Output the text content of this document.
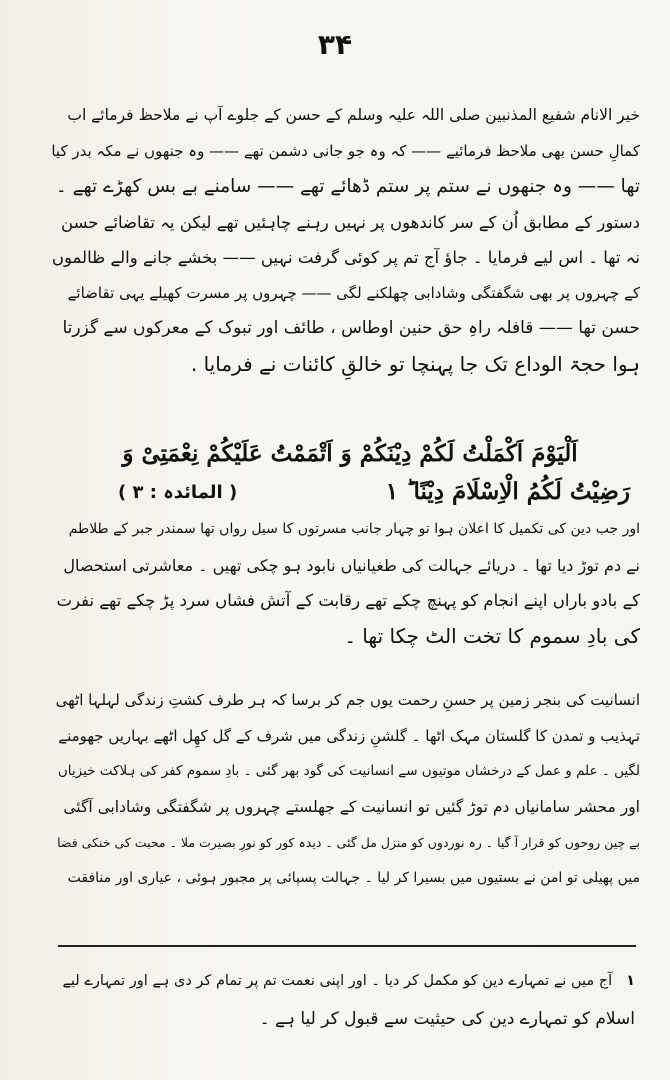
۳۴
خیر الانام شفیع المذنبین صلی اللہ علیہ وسلم کے حسن کے جلوے آپ نے ملاحظ فرمائے اب
کمالِ حسن بھی ملاحظ فرمائیے —— کہ وہ جو جانی دشمن تھے —— وہ جنھوں نے مکہ بدر کیا
تھا —— وہ جنھوں نے ستم پر ستم ڈھائے تھے —— سامنے بے بس کھڑے تھے ۔
دستور کے مطابق اُن کے سر کاندھوں پر نہیں رہنے چاہئیں تھے لیکن یہ تقاضائے حسن
نہ تھا ۔ اس لیے فرمایا ۔ جاؤ آج تم پر کوئی گرفت نہیں —— بخشے جانے والے ظالموں
کے چہروں پر بھی شگفتگی وشادابی چھلکنے لگی —— چہروں پر مسرت کھیلے یہی تقاضائے
حسن تھا —— قافلہ راہِ حق حنین اوطاس ، طائف اور تبوک کے معرکوں سے گزرتا
ہوا حجۃ الوداع تک جا پہنچا تو خالقِ کائنات نے فرمایا .
اَلْیَوْمَ اَکْمَلْتُ لَکُمْ دِیْنَکُمْ وَ اَتْمَمْتُ عَلَیْکُمْ نِعْمَتِیْ وَ
رَضِیْتُ لَکُمُ الْاِسْلَامَ دِیْنًا ؕ ۱
( المائدہ : ۳ )
اور جب دین کی تکمیل کا اعلان ہوا تو چہار جانب مسرتوں کا سیل رواں تھا سمندر جبر کے طلاطم
نے دم توڑ دیا تھا ۔ دریائے جہالت کی طغیانیاں نابود ہو چکی تھیں ۔ معاشرتی استحصال
کے بادو باراں اپنے انجام کو پہنچ چکے تھے رقابت کے آتش فشاں سرد پڑ چکے تھے نفرت
کی بادِ سموم کا تخت الٹ چکا تھا ۔
انسانیت کی بنجر زمین پر حسنِ رحمت یوں جم کر برسا کہ ہر طرف کشتِ زندگی لہلہا اٹھی
تہذیب و تمدن کا گلستان مہک اٹھا ۔ گلشنِ زندگی میں شرف کے گل کھِل اٹھے بہاریں جھومنے
لگیں ۔ علم و عمل کے درخشاں موتیوں سے انسانیت کی گود بھر گئی ۔ بادِ سموم کفر کی ہلاکت خیزیاں
اور محشر سامانیاں دم توڑ گئیں تو انسانیت کے جھلستے چہروں پر شگفتگی وشادابی آگئی
بے چین روحوں کو قرار آ گیا ۔ رہ نوردوں کو منزل مل گئی ۔ دیدہ کور کو نورِ بصیرت ملا ۔ محبت کی خنکی فضا
میں پھیلی تو امن نے بستیوں میں بسیرا کر لیا ۔ جہالت پسپائی پر مجبور ہوئی ، عیاری اور منافقت
۱آج میں نے تمہارے دین کو مکمل کر دیا ۔ اور اپنی نعمت تم پر تمام کر دی ہے اور تمہارے لیے
اسلام کو تمہارے دین کی حیثیت سے قبول کر لیا ہے ۔
